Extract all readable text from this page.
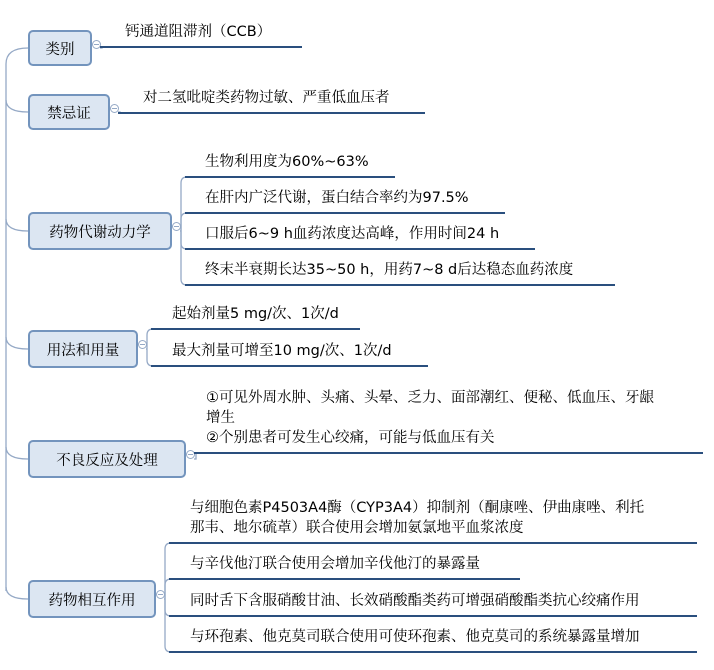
类别
钙通道阻滞剂（CCB）
禁忌证
对二氢吡啶类药物过敏、严重低血压者
药物代谢动力学
生物利用度为60%~63%
在肝内广泛代谢，蛋白结合率约为97.5%
口服后6~9 h血药浓度达高峰，作用时间24 h
终末半衰期长达35~50 h，用药7~8 d后达稳态血药浓度
用法和用量
起始剂量5 mg/次、1次/d
最大剂量可增至10 mg/次、1次/d
不良反应及处理
①可见外周水肿、头痛、头晕、乏力、面部潮红、便秘、低血压、牙龈
增生
②个别患者可发生心绞痛，可能与低血压有关
药物相互作用
与细胞色素P4503A4酶（CYP3A4）抑制剂（酮康唑、伊曲康唑、利托
那韦、地尔硫䓬）联合使用会增加氨氯地平血浆浓度
与辛伐他汀联合使用会增加辛伐他汀的暴露量
同时舌下含服硝酸甘油、长效硝酸酯类药可增强硝酸酯类抗心绞痛作用
与环孢素、他克莫司联合使用可使环孢素、他克莫司的系统暴露量增加
